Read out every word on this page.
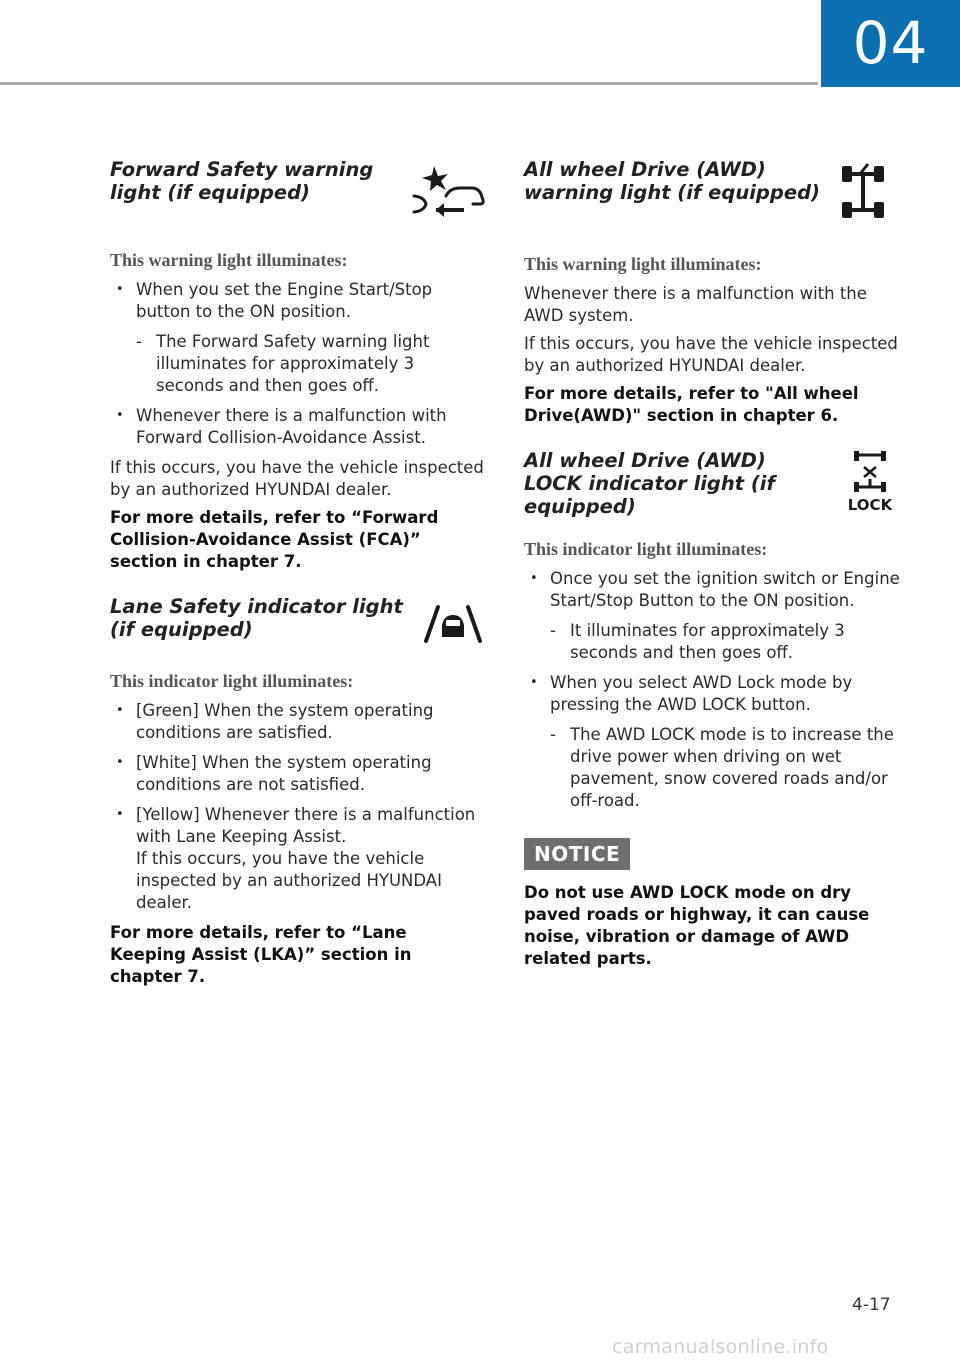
04
Forward Safety warning light (if equipped)

This warning light illuminates:

• When you set the Engine Start/Stop button to the ON position.
- The Forward Safety warning light illuminates for approximately 3 seconds and then goes off.
• Whenever there is a malfunction with Forward Collision-Avoidance Assist.

If this occurs, you have the vehicle inspected by an authorized HYUNDAI dealer.

For more details, refer to “Forward Collision-Avoidance Assist (FCA)” section in chapter 7.

Lane Safety indicator light (if equipped)

This indicator light illuminates:

• [Green] When the system operating conditions are satisfied.
• [White] When the system operating conditions are not satisfied.
• [Yellow] Whenever there is a malfunction with Lane Keeping Assist.

If this occurs, you have the vehicle inspected by an authorized HYUNDAI dealer.

For more details, refer to “Lane Keeping Assist (LKA)” section in chapter 7.

All wheel Drive (AWD) warning light (if equipped)

This warning light illuminates:

Whenever there is a malfunction with the AWD system.

If this occurs, you have the vehicle inspected by an authorized HYUNDAI dealer.

For more details, refer to "All wheel Drive(AWD)" section in chapter 6.

All wheel Drive (AWD) LOCK indicator light (if equipped)	LOCK

This indicator light illuminates:

• Once you set the ignition switch or Engine Start/Stop Button to the ON position.
- It illuminates for approximately 3 seconds and then goes off.
• When you select AWD Lock mode by pressing the AWD LOCK button.
- The AWD LOCK mode is to increase the drive power when driving on wet pavement, snow covered roads and/or off-road.
NOTICE

Do not use AWD LOCK mode on dry paved roads or highway, it can cause noise, vibration or damage of AWD related parts.

4-17
carmanualsonline.info
